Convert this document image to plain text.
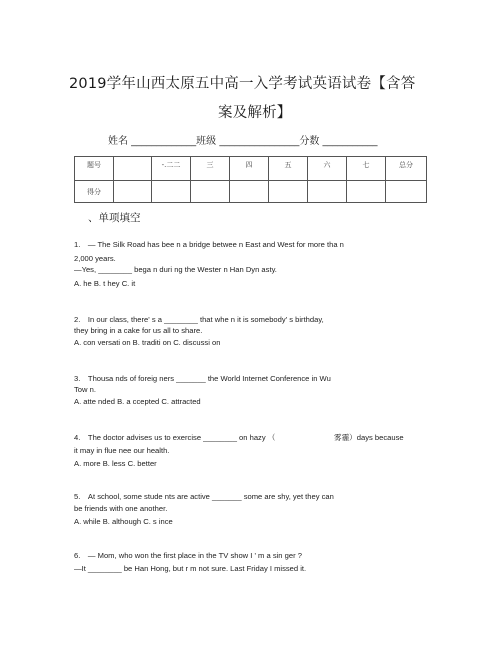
2019学年山西太原五中高一入学考试英语试卷【含答
案及解析】
姓名 _____________班级 ________________分数 ___________
题号		-.二二	三	四	五	六	七	总分
得分								
、单项填空
1.　— The Silk Road has bee n a bridge betwee n East and West for more tha n
2,000 years.
—Yes, ________ bega n duri ng the Wester n Han Dyn asty.
A. he B. t hey C. it
2.　In our class, there' s a ________ that whe n it is somebody' s birthday,
they bring in a cake for us all to share.
A. con versati on B. traditi on C. discussi on
3.　Thousa nds of foreig ners _______ the World Internet Conference in Wu
Tow n.
A. atte nded B. a ccepted C. attracted
4.　The doctor advises us to exercise ________ on hazy （	雾霾）days because
it may in flue nee our health.
A. more B. less C. better
5.　At school, some stude nts are active _______ some are shy, yet they can
be friends with one another.
A. while B. although C. s ince
6.　— Mom, who won the first place in the TV show I ' m a sin ger ?
—It ________ be Han Hong, but r m not sure. Last Friday I missed it.
